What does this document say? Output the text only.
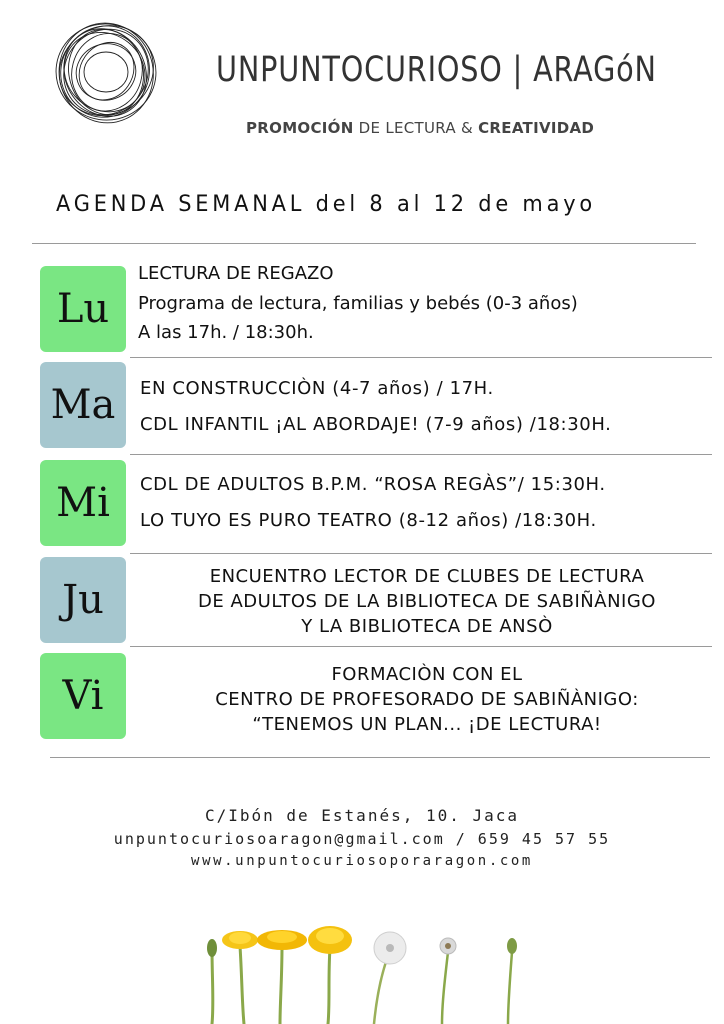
UNPUNTOCURIOSO | ARAGóN
PROMOCIÓN DE LECTURA & CREATIVIDAD
AGENDA SEMANAL del 8 al 12 de mayo
Lu
LECTURA DE REGAZO
Programa de lectura, familias y bebés (0-3 años)
A las 17h. / 18:30h.
Ma EN CONSTRUCCIÒN (4-7 años) / 17H.
CDL INFANTIL ¡AL ABORDAJE! (7-9 años) /18:30H.
Mi CDL DE ADULTOS B.P.M. “ROSA REGÀS”/ 15:30H.
LO TUYO ES PURO TEATRO (8-12 años) /18:30H.
Ju
ENCUENTRO LECTOR DE CLUBES DE LECTURA
DE ADULTOS DE LA BIBLIOTECA DE SABIÑÀNIGO
Y LA BIBLIOTECA DE ANSÒ
Vi	FORMACIÒN CON EL
CENTRO DE PROFESORADO DE SABIÑÀNIGO:
“TENEMOS UN PLAN... ¡DE LECTURA!
C/Ibón de Estanés, 10. Jaca
unpuntocuriosoaragon@gmail.com / 659 45 57 55
www.unpuntocuriosoporaragon.com
